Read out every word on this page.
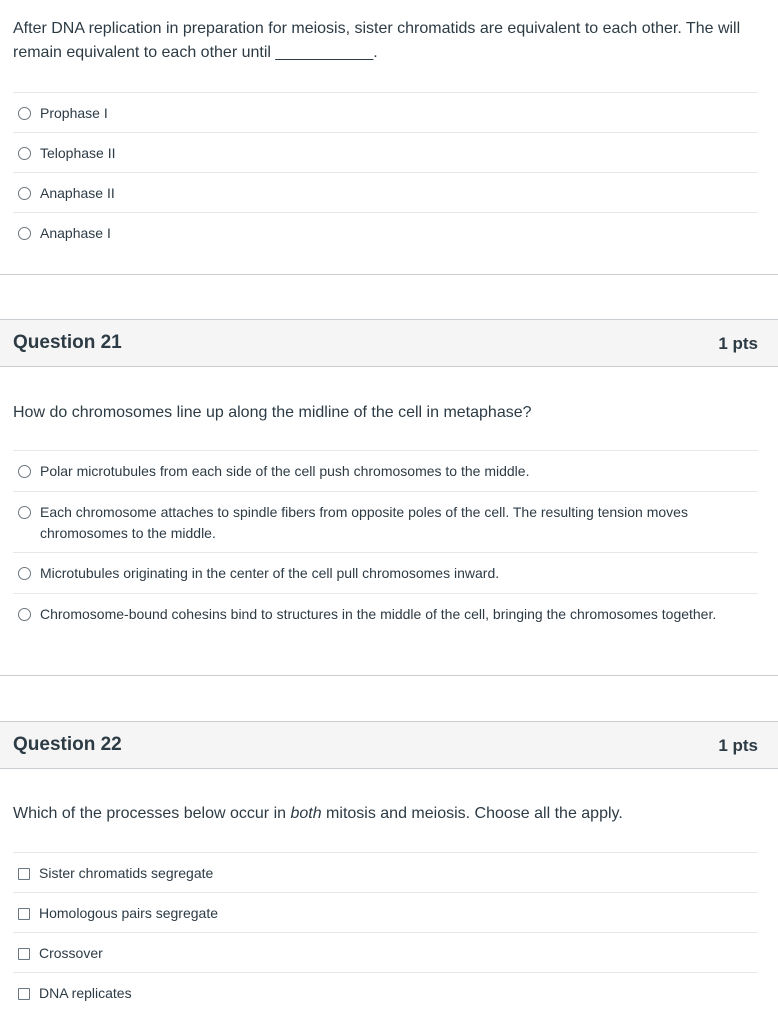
After DNA replication in preparation for meiosis, sister chromatids are equivalent to each other. The will remain equivalent to each other until ___________.
Prophase I
Telophase II
Anaphase II
Anaphase I
Question 21	1 pts
How do chromosomes line up along the midline of the cell in metaphase?
Polar microtubules from each side of the cell push chromosomes to the middle.
Each chromosome attaches to spindle fibers from opposite poles of the cell. The resulting tension moves chromosomes to the middle.
Microtubules originating in the center of the cell pull chromosomes inward.
Chromosome-bound cohesins bind to structures in the middle of the cell, bringing the chromosomes together.
Question 22	1 pts
Which of the processes below occur in both mitosis and meiosis. Choose all the apply.
Sister chromatids segregate
Homologous pairs segregate
Crossover
DNA replicates
